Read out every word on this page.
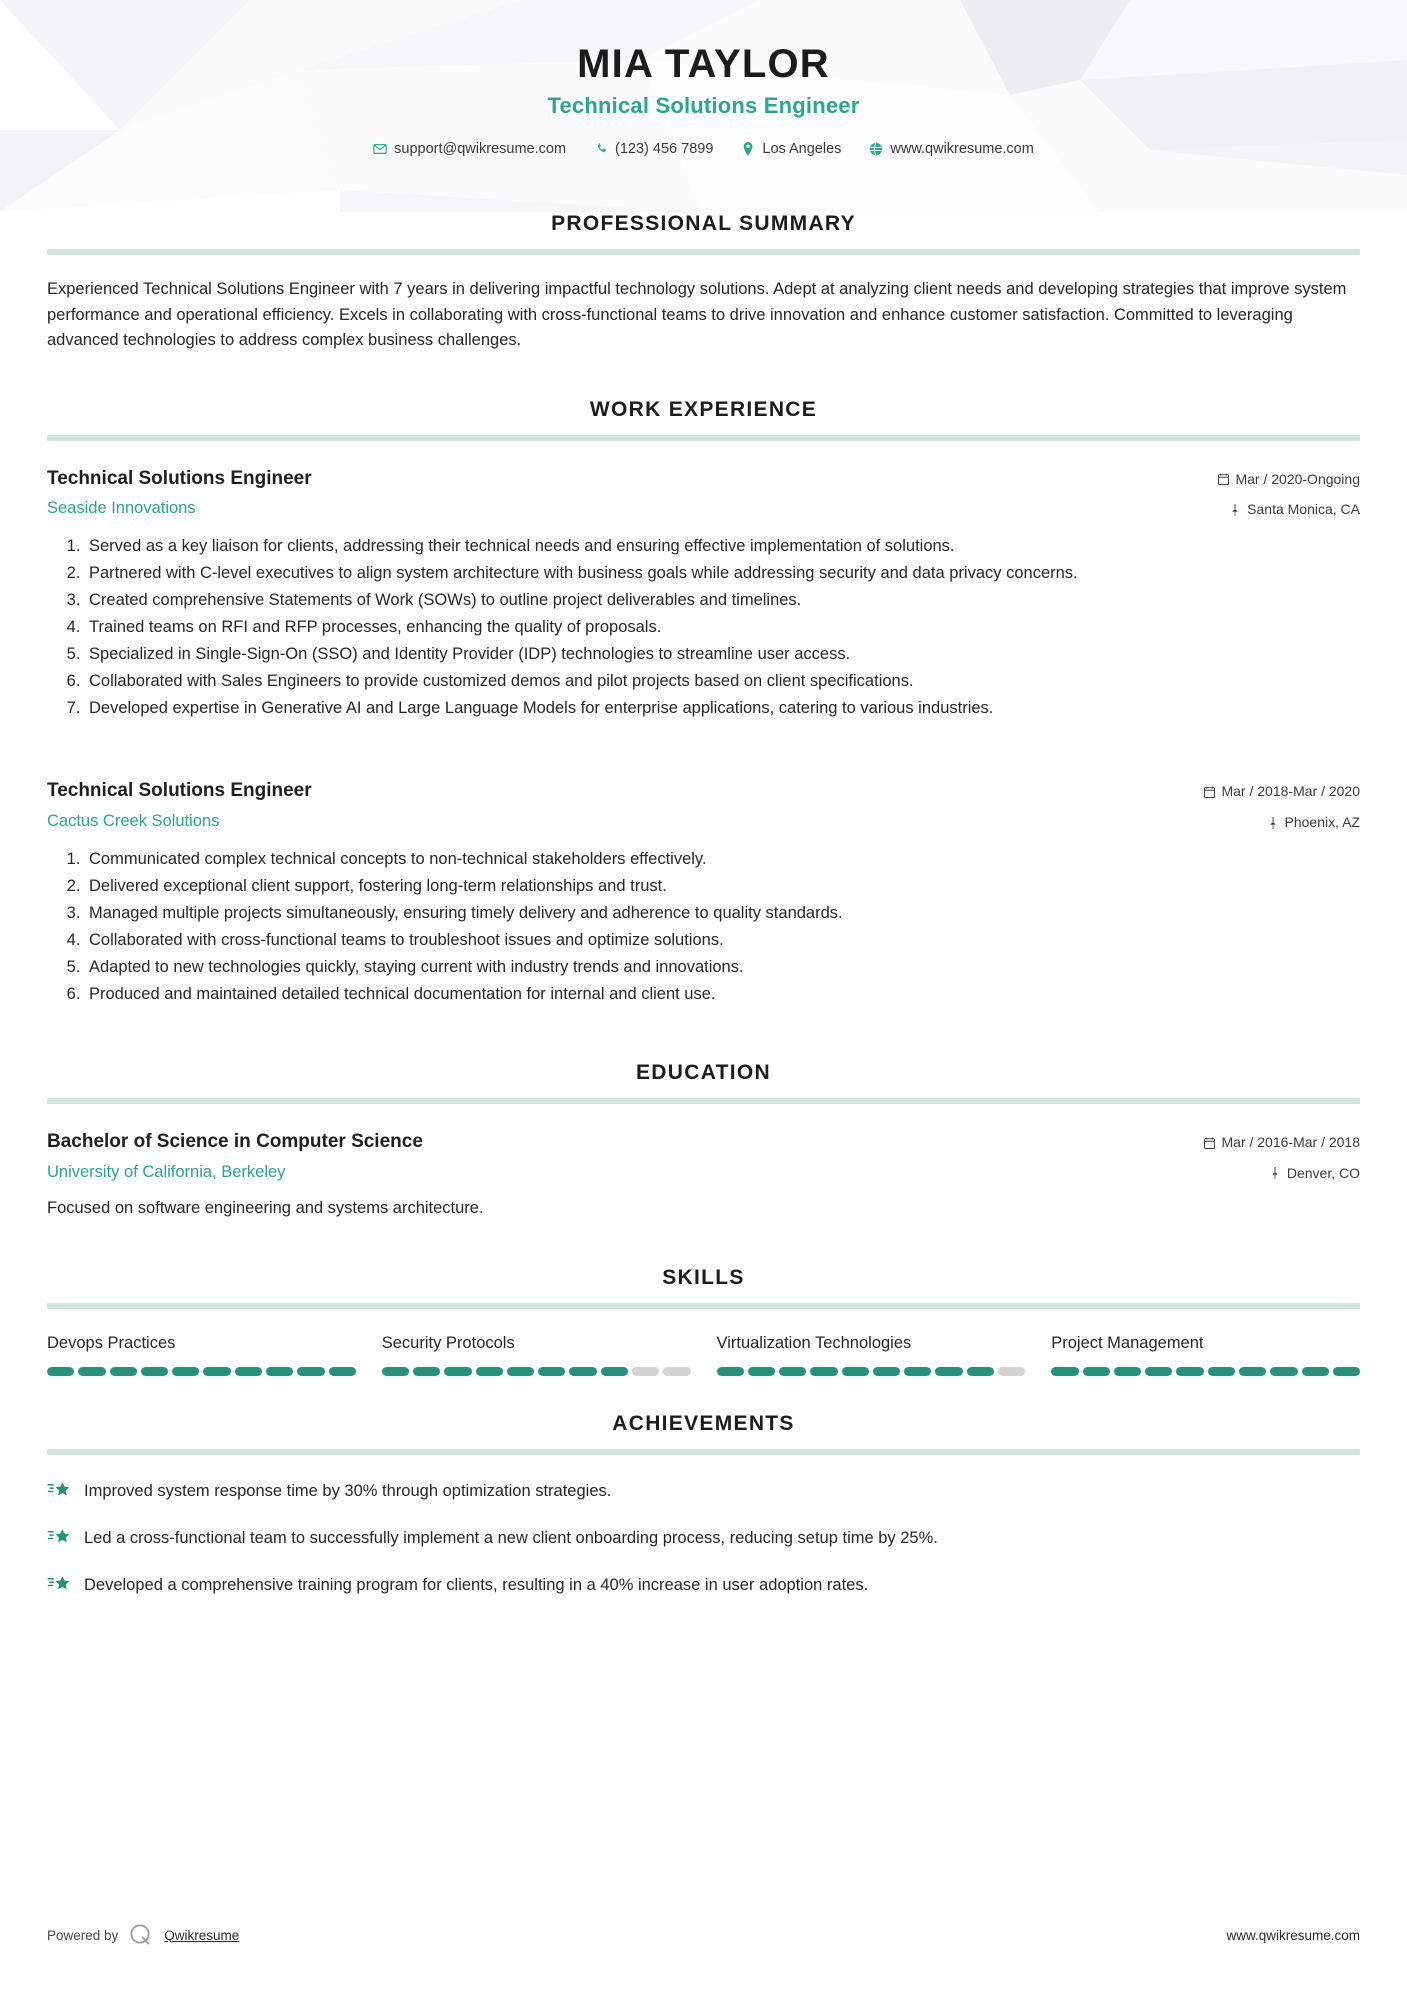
MIA TAYLOR
Technical Solutions Engineer
support@qwikresume.com	(123) 456 7899	Los Angeles	www.qwikresume.com
PROFESSIONAL SUMMARY

Experienced Technical Solutions Engineer with 7 years in delivering impactful technology solutions. Adept at analyzing client needs and developing strategies that improve system performance and operational efficiency. Excels in collaborating with cross-functional teams to drive innovation and enhance customer satisfaction. Committed to leveraging advanced technologies to address complex business challenges.

WORK EXPERIENCE
Technical Solutions Engineer
Seaside Innovations
Mar / 2020-Ongoing
Santa Monica, CA
1. Served as a key liaison for clients, addressing their technical needs and ensuring effective implementation of solutions.
2. Partnered with C-level executives to align system architecture with business goals while addressing security and data privacy concerns.
3. Created comprehensive Statements of Work (SOWs) to outline project deliverables and timelines.
4. Trained teams on RFI and RFP processes, enhancing the quality of proposals.
5. Specialized in Single-Sign-On (SSO) and Identity Provider (IDP) technologies to streamline user access.
6. Collaborated with Sales Engineers to provide customized demos and pilot projects based on client specifications.
7. Developed expertise in Generative AI and Large Language Models for enterprise applications, catering to various industries.
Technical Solutions Engineer
Cactus Creek Solutions
Mar / 2018-Mar / 2020
Phoenix, AZ
1. Communicated complex technical concepts to non-technical stakeholders effectively.
2. Delivered exceptional client support, fostering long-term relationships and trust.
3. Managed multiple projects simultaneously, ensuring timely delivery and adherence to quality standards.
4. Collaborated with cross-functional teams to troubleshoot issues and optimize solutions.
5. Adapted to new technologies quickly, staying current with industry trends and innovations.
6. Produced and maintained detailed technical documentation for internal and client use.
EDUCATION
Bachelor of Science in Computer Science
University of California, Berkeley
Mar / 2016-Mar / 2018
Denver, CO
Focused on software engineering and systems architecture.
SKILLS
Devops Practices	Security Protocols	Virtualization Technologies	Project Management
ACHIEVEMENTS
Improved system response time by 30% through optimization strategies.
Led a cross-functional team to successfully implement a new client onboarding process, reducing setup time by 25%.
Developed a comprehensive training program for clients, resulting in a 40% increase in user adoption rates.
Powered by	Qwikresume	www.qwikresume.com
